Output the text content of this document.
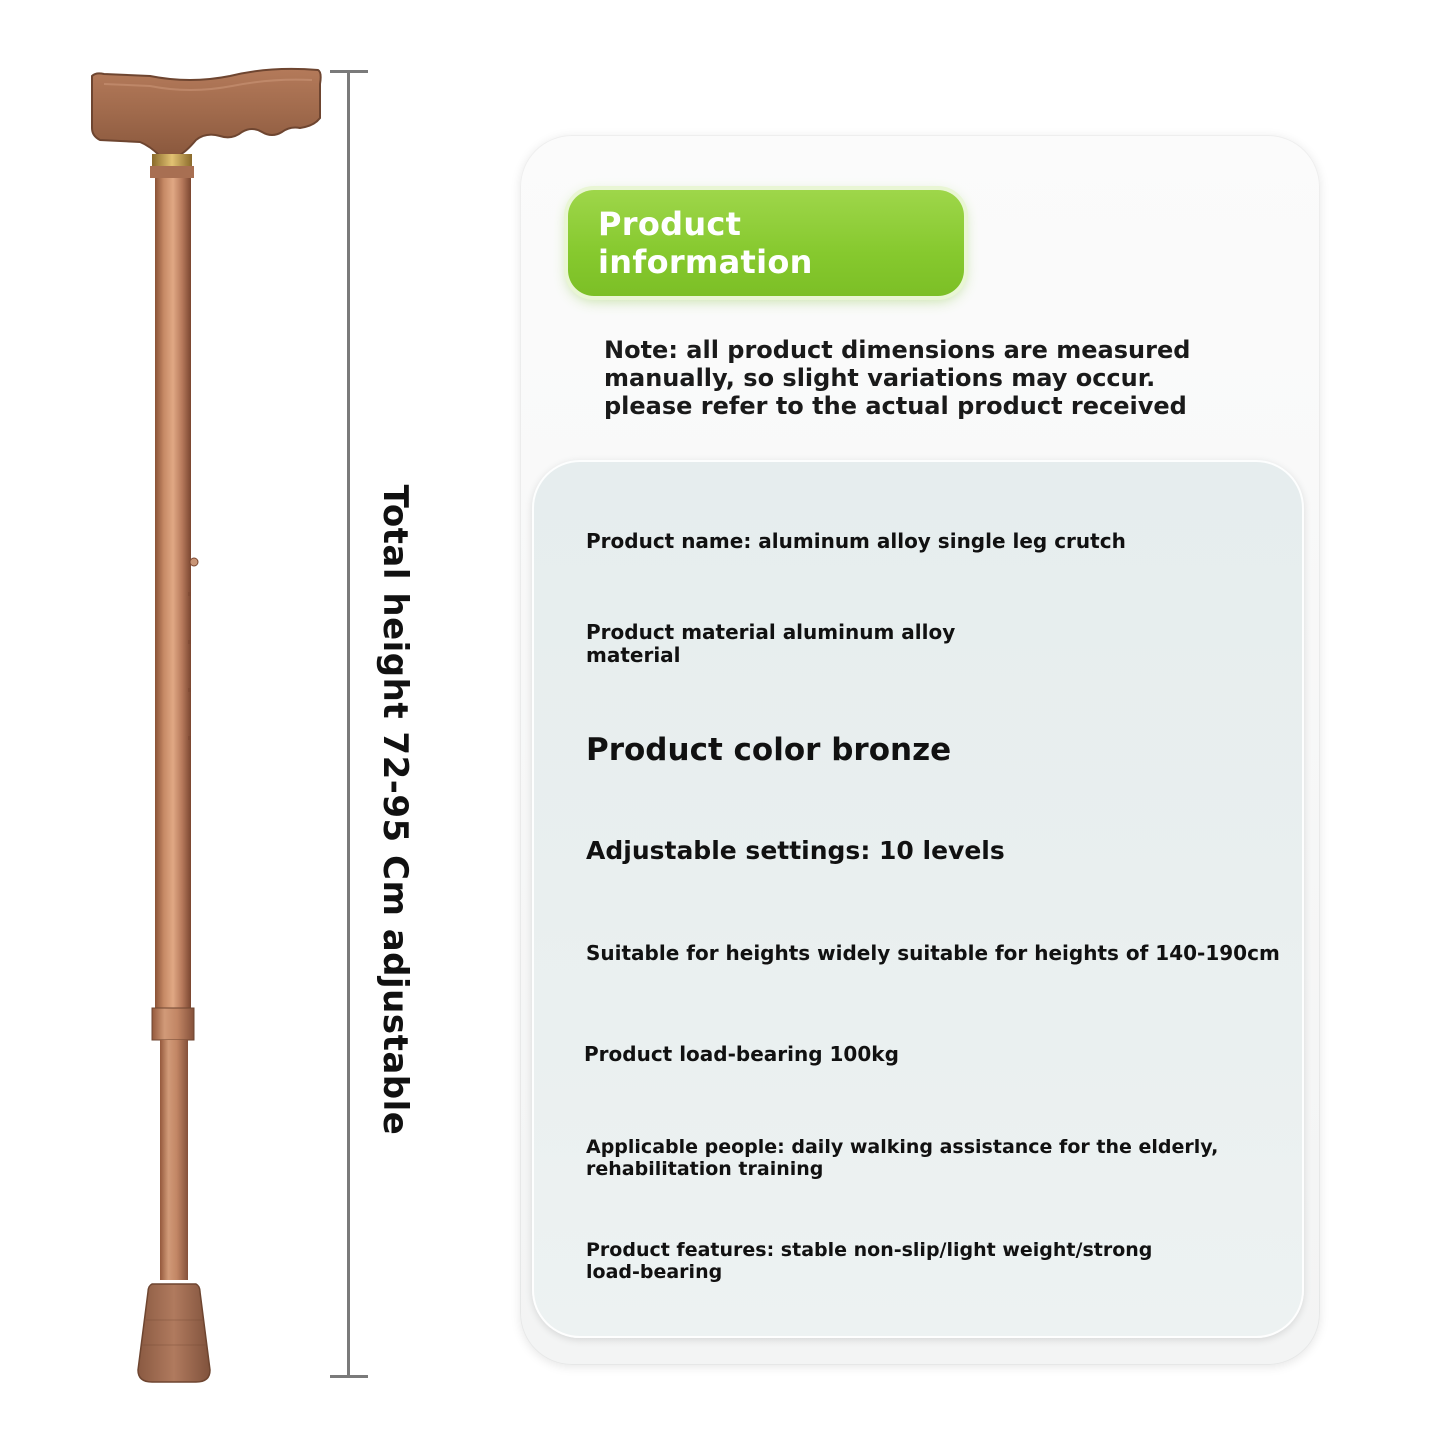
Total height 72-95 Cm adjustable
Product information
Note: all product dimensions are measured
manually, so slight variations may occur.
please refer to the actual product received
Product name: aluminum alloy single leg crutch
Product material aluminum alloy
material
Product color bronze
Adjustable settings: 10 levels
Suitable for heights widely suitable for heights of 140-190cm
Product load-bearing 100kg
Applicable people: daily walking assistance for the elderly,
rehabilitation training
Product features: stable non-slip/light weight/strong
load-bearing
